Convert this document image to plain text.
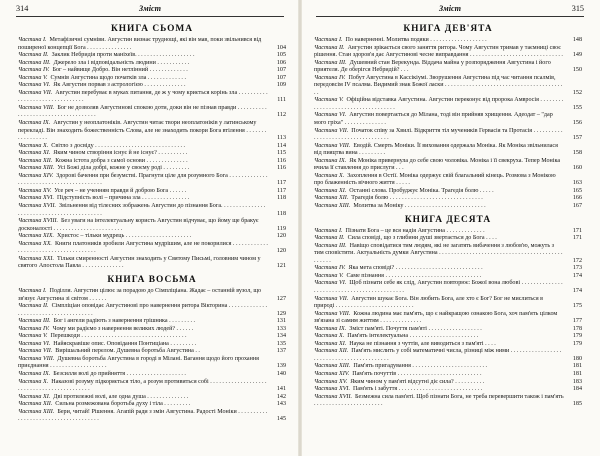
314	Зміст
КНИГА СЬОМА
Частина I. Метафізичні сумніви. Августин визнає труднощі, які він мав, поки звільнився від поширеної концепції Бога . . . . . . . . . . . . . . .	104
Частина II. Заклик Небридія проти маніхеїв. . . . . . . . . . . . . . . . . . . .	105
Частина III. Джерело зла і відповідальність людини . . . . . . . . . . .	106
Частина IV. Бог – найвище Добро. Він нетлінний . . . . . . . . . . . . .	107
Частина V. Сумнів Августина щодо початків зла . . . . . . . . . . . . .	107
Частина VI. Як Августин порвав з астрологією . . . . . . . . . . . . . .	109
Частина VII. Августин перебуває в муках питання, де ж у чому криється корінь зла . . . . . . . . . . . . . . . . . . . . . . . . . . . . . . . .	111
Частина VIII. Бог не дозволяв Августинові спокою доти, доки він не пізнав правди . . . . . . . . . . . . . . . . . . . . . . . . . . . . . . . . . . . .	112
Частина IX. Августин у неоплатоніків. Августин читає твори неоплатоніків у латинському перекладі. Він знаходить божественність Слова, але не знаходить покори Бога втілення . . . . . . . . . . . . . . . . .	113
Частина X. Світло з досвіду . . . . . . . . . . . . . . . . . . . . . . . . . . . . . .	114
Частина XI. Яким чином створіння існує й не існує? . . . . . . . . . .	115
Частина XII. Кожна істота добра з самої основи . . . . . . . . . . . . . .	116
Частина XIII. Усі Божі діла добрі, кожне у своєму роді . . . . . . . . .	116
Частина XIV. Здорові бачення при безумстві. Прагнути ціле для розумного Бога . . . . . . . . . . . . . . . . . . . . . . . . . . . . . . . . . . . . . . . . .	117
Частина XV. Усе реч – не ученням правди й доброю Бога . . . . . .	117
Частина XVI. Підступність волі – причина зла . . . . . . . . . . . . . . . .	118
Частина XVII. Звільнення від тілесних зображень Августин до пізнання Бога. . . . . . . . . . . . . . . . . . . . . . . . . . . . . . . . . . . . . . . . . . .	118
Частина XVIII. Без уваги на інтелектуальну користь Августин відчуває, що йому ще бракує досконалості . . . . . . . . . . . . . . . . . . . . . . .	119
Частина XIX. Христос – тільки мудрець . . . . . . . . . . . . . . . . . . . . . .	120
Частина XX. Книги платоників зробили Августина мудрішим, але не покорилися . . . . . . . . . . . . . . . . . . . . . . . . . . . . . . . . . . . . . .	120
Частина XXI. Тільки смиренності Августин знаходить у Святому Письмі, головним чином у святого Апостола Павла . . . . . . . . . . . . . .	121
КНИГА ВОСЬМА
Частина I. Поділля. Августин цілює за порадою до Сімпліціана. Жадає – останній вузол, що зв'язує Августина зі світом . . . . . .	127
Частина II. Сімпліціан оповідає Августинові про навернення ритора Вікторина . . . . . . . . . . . . . . . . . . . . . . . . . . . . . . . . . . . . . .	129
Частина III. Бог і ангели радіють з навернення грішника . . . . . . . . .	131
Частина IV. Чому ми радіємо з навернення великих людей? . . . . . .	133
Частина V. Перешкоди . . . . . . . . . . . . . . . . . . . . . . . . . . . . . . . . . . .	134
Частина VI. Найяскравіше опис. Оповідання Понтиціана . . . . . . . . .	135
Частина VII. Вирішальний перелом. Душевна боротьба Августина . .	137
Частина VIII. Душевна боротьба Августина в городі в Мілані. Вагання щодо його прохання приєднання . . . . . . . . . . . . . . . . . . .	139
Частина IX. Безсилля волі до прийняття . . . . . . . . . . . . . . . . . . . .	140
Частина X. Наказові розуму підкоряється тіло, а розум противиться собі . . . . . . . . . . . . . . . . . . . . . . . . . . . . . . . . . . . . . . . . . . .	141
Частина XI. Дві протилежні волі, але одна душа . . . . . . . . . . . . . .	142
Частина XII. Сильна розмежована боротьба духу і тіла . . . . . . . . .	143
Частина XIII. Бери, читай! Рішення. Агапій ради з змін Августина. Радості Моніки . . . . . . . . . . . . . . . . . . . . . . . . . . . . . . . . . . . . .	145
Зміст	315
КНИГА ДЕВ'ЯТА
Частина I. По наверненні. Молитва подяки . . . . . . . . . . . . . . . . . . .	148
Частина II. Августин зрікається свого заняття ритора. Чому Августин тримав у таємниці своє рішення. Стан здоров'я дає Августинові чесне виправдання . . . . . . . . . . . . . . . . . . . . . . . . . . . . . . .	149
Частина III. Душевний стан Верекунда. Віддача майна у розпорядження Августина і його приятеля. Де оберігся Небридій? . . .	150
Частина IV. Побут Августина в Кассікіумі. Зворушення Августина під час читання псалмів, передовсім IV псалма. Видимий знак Божої ласки . . . . . . . . . . . . . . . . . . . . . . . . . . . . . . . . . . . . . . . . .	152
Частина V. Офіційна відставка Августина. Августин переконує від пророка Амвросія . . . . . . . . . . . . . . . . . . . . . . . . . . . . . . . . . . .	155
Частина VI. Августин повертається до Мілана, тоді він прийняв хрищення. Адеодат – "дар мого гріха" . . . . . . . . . . . . . .	156
Частина VII. Початок співу за Хвилі. Відкриття тіл мучеників Гервасія та Протасія . . . . . . . . . . . . . . . . . . . . . . . . . . . . . . . . . . .	157
Частина VIII. Еводій. Смерть Моніки. Її виховання одержала Моніка. Як Моніка звільнилася від пияцтва вина . . . . . . . . .	158
Частина IX. Як Моніка привернула до себе свою чоловіка. Моніка і її свекруха. Тепер Моніка вчила її ставлення до прислуги . . .	160
Частина X. Захоплення в Остії. Моніка одержує свій благальний кінець. Розмова з Монікою про блаженність вічного життя . . . . .	163
Частина XI. Останні слова. Пробуджує Моніка. Трагедія болю . . . . .	165
Частина XII. Трагедія болю . . . . . . . . . . . . . . . . . . . . . . . . . . . . . . .	166
Частина XIII. Молитва за Моніку . . . . . . . . . . . . . . . . . . . . . . . . . . .	167
КНИГА ДЕСЯТА
Частина I. Пізнати Бога – це вся надія Августина . . . . . . . . . . . . .	171
Частина II. Сила сповіді, що з глибини душі звертається до Бога . . . .	171
Частина III. Навіщо сповідатися тим людям, які не загатять вибачення з любов'ю, можуть з тим сповістити. Актуальність думки Августина . . . . . . . . . . . . . . . . . . . . . . . . . . . . . . . . . . . . . . . . . . . . . . .	172
Частина IV. Яка мета сповіді? . . . . . . . . . . . . . . . . . . . . . . . . . . . . .	173
Частина V. Саме пізнання . . . . . . . . . . . . . . . . . . . . . . . . . . . . . . . .	174
Частина VI. Щоб пізнати себе як слід, Августин повторює: Божої вона любові . . . . . . . . . . . . . . . . . . . . . . . . . . . . . . . . . . . . . . . . . . . .	174
Частина VII. Августин шукає Бога. Він любить Бога, але хто є Бог? Бог не мислиться в природі . . . . . . . . . . . . . . . . . . . . . . . . . .	175
Частина VIII. Кожна людина має пам'ять, що є найкращою ознакою Бога, хоч пам'ять цілком зв'язана зі самим життям . . . . . . . . . . . . . .	177
Частина IX. Зміст пам'яті. Почуття пам'яті . . . . . . . . . . . . . . . . . .	178
Частина X. Пам'ять інтелектуальна . . . . . . . . . . . . . . . . . . . . . . .	179
Частина XI. Наука не пізнання з чуттів, але виводиться з пам'яті . . . .	179
Частина XII. Пам'ять мислить у собі математичні числа, різниці між ними . . . . . . . . . . . . . . . . . . . . . . . . . . . . . . . . . . . . . . . . . .	180
Частина XIII. Пам'ять пригадування . . . . . . . . . . . . . . . . . . . . . . . . .	181
Частина XIV. Пам'ять почуттів . . . . . . . . . . . . . . . . . . . . . . . . . . . .	181
Частина XV. Яким чином у пам'яті відсутні діє сила? . . . . . . . . . .	183
Частина XVI. Пам'ять і забуття . . . . . . . . . . . . . . . . . . . . . . . . . . . .	184
Частина XVII. Безмежна сила пам'яті. Щоб пізнати Бога, не треба перевершити також і пам'ять . . . . . . . . . . . . . . . . . . . . . . .	185
